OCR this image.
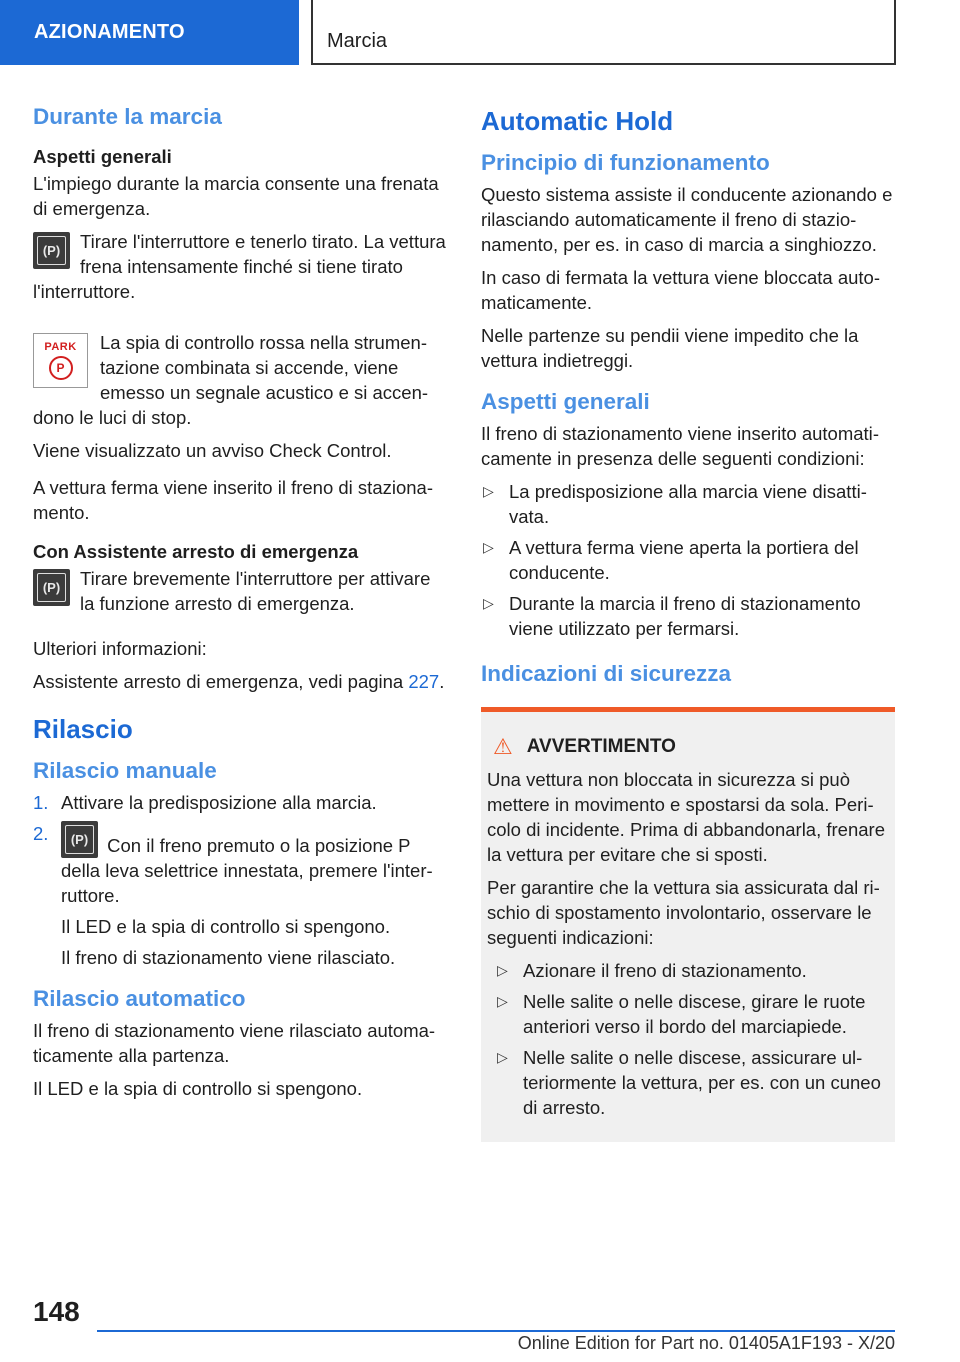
AZIONAMENTO	Marcia
Durante la marcia
Aspetti generali

L'impiego durante la marcia consente una frenata di emergenza.

(P)	Tirare l'interruttore e tenerlo tirato. La vettura frena intensamente finché si tiene tirato l'interruttore.
PARK
P
La spia di controllo rossa nella strumentazione combinata si accende, viene emesso un segnale acustico e si accendono le luci di stop.

Viene visualizzato un avviso Check Control.

A vettura ferma viene inserito il freno di stazionamento.

Con Assistente arresto di emergenza
(P)	Tirare brevemente l'interruttore per attivare la funzione arresto di emergenza.

Ulteriori informazioni:

Assistente arresto di emergenza, vedi pagina 227.

Rilascio
Rilascio manuale
1. Attivare la predisposizione alla marcia.
2.	(P) Con il freno premuto o la posizione P della leva selettrice innestata, premere l'interruttore.

Il LED e la spia di controllo si spengono.

Il freno di stazionamento viene rilasciato.

Rilascio automatico

Il freno di stazionamento viene rilasciato automaticamente alla partenza.

Il LED e la spia di controllo si spengono.

Automatic Hold
Principio di funzionamento

Questo sistema assiste il conducente azionando e rilasciando automaticamente il freno di stazionamento, per es. in caso di marcia a singhiozzo.

In caso di fermata la vettura viene bloccata automaticamente.

Nelle partenze su pendii viene impedito che la vettura indietreggi.

Aspetti generali

Il freno di stazionamento viene inserito automaticamente in presenza delle seguenti condizioni:

▷ La predisposizione alla marcia viene disattivata.
▷ A vettura ferma viene aperta la portiera del conducente.
▷ Durante la marcia il freno di stazionamento viene utilizzato per fermarsi.
Indicazioni di sicurezza
⚠ AVVERTIMENTO

Una vettura non bloccata in sicurezza si può mettere in movimento e spostarsi da sola. Pericolo di incidente. Prima di abbandonarla, frenare la vettura per evitare che si sposti.

Per garantire che la vettura sia assicurata dal rischio di spostamento involontario, osservare le seguenti indicazioni:

▷ Azionare il freno di stazionamento.
▷ Nelle salite o nelle discese, girare le ruote anteriori verso il bordo del marciapiede.
▷ Nelle salite o nelle discese, assicurare ulteriormente la vettura, per es. con un cuneo di arresto.
148
Online Edition for Part no. 01405A1F193 - X/20
